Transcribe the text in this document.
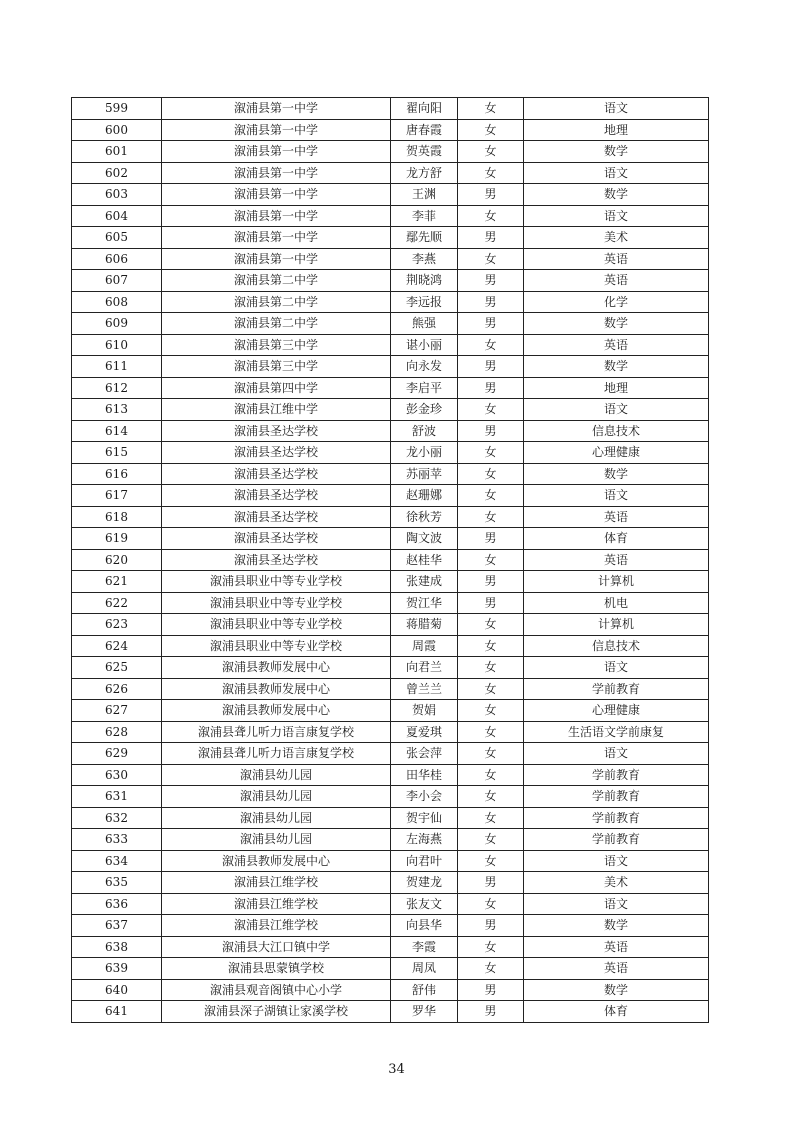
599	溆浦县第一中学	翟向阳	女	语文
600	溆浦县第一中学	唐春霞	女	地理
601	溆浦县第一中学	贺英霞	女	数学
602	溆浦县第一中学	龙方舒	女	语文
603	溆浦县第一中学	王渊	男	数学
604	溆浦县第一中学	李菲	女	语文
605	溆浦县第一中学	鄢先顺	男	美术
606	溆浦县第一中学	李燕	女	英语
607	溆浦县第二中学	荆晓鸿	男	英语
608	溆浦县第二中学	李远报	男	化学
609	溆浦县第二中学	熊强	男	数学
610	溆浦县第三中学	谌小丽	女	英语
611	溆浦县第三中学	向永发	男	数学
612	溆浦县第四中学	李启平	男	地理
613	溆浦县江维中学	彭金珍	女	语文
614	溆浦县圣达学校	舒波	男	信息技术
615	溆浦县圣达学校	龙小丽	女	心理健康
616	溆浦县圣达学校	苏丽苹	女	数学
617	溆浦县圣达学校	赵珊娜	女	语文
618	溆浦县圣达学校	徐秋芳	女	英语
619	溆浦县圣达学校	陶文波	男	体育
620	溆浦县圣达学校	赵桂华	女	英语
621	溆浦县职业中等专业学校	张建成	男	计算机
622	溆浦县职业中等专业学校	贺江华	男	机电
623	溆浦县职业中等专业学校	蒋腊菊	女	计算机
624	溆浦县职业中等专业学校	周霞	女	信息技术
625	溆浦县教师发展中心	向君兰	女	语文
626	溆浦县教师发展中心	曾兰兰	女	学前教育
627	溆浦县教师发展中心	贺娟	女	心理健康
628	溆浦县聋儿听力语言康复学校	夏爱琪	女	生活语文学前康复
629	溆浦县聋儿听力语言康复学校	张会萍	女	语文
630	溆浦县幼儿园	田华桂	女	学前教育
631	溆浦县幼儿园	李小会	女	学前教育
632	溆浦县幼儿园	贺宇仙	女	学前教育
633	溆浦县幼儿园	左海燕	女	学前教育
634	溆浦县教师发展中心	向君叶	女	语文
635	溆浦县江维学校	贺建龙	男	美术
636	溆浦县江维学校	张友文	女	语文
637	溆浦县江维学校	向县华	男	数学
638	溆浦县大江口镇中学	李霞	女	英语
639	溆浦县思蒙镇学校	周凤	女	英语
640	溆浦县观音阁镇中心小学	舒伟	男	数学
641	溆浦县深子湖镇让家溪学校	罗华	男	体育
34
